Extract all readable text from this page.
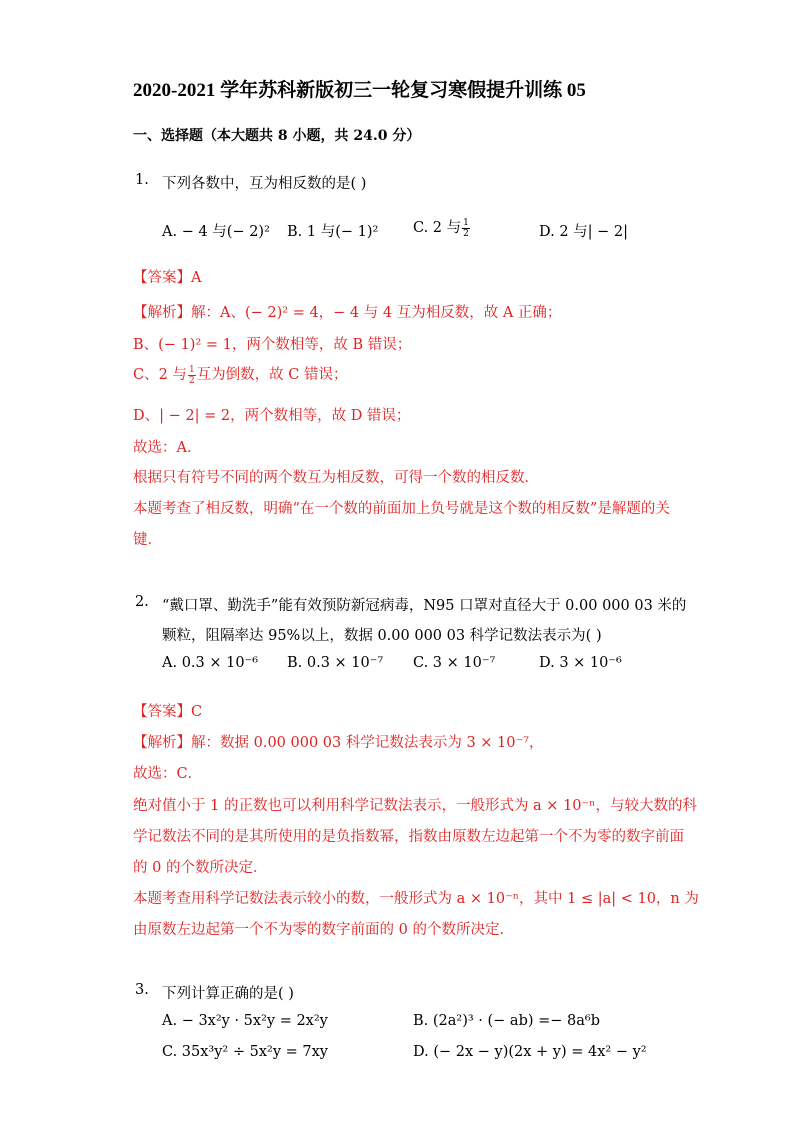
2020-2021 学年苏科新版初三一轮复习寒假提升训练 05
一、选择题（本大题共 8 小题，共 24.0 分）
1. 下列各数中，互为相反数的是( )
A. − 4 与(− 2)² B. 1 与(− 1)² C. 2 与 $\frac{1}{2}$	D. 2 与| − 2|
【答案】A
【解析】解：A、(− 2)² = 4，− 4 与 4 互为相反数，故 A 正确；
B、(− 1)² = 1，两个数相等，故 B 错误；
C、2 与 $\frac{1}{2}$ 互为倒数，故 C 错误；
D、| − 2| = 2，两个数相等，故 D 错误；
故选：A．
根据只有符号不同的两个数互为相反数，可得一个数的相反数．
本题考查了相反数，明确“在一个数的前面加上负号就是这个数的相反数”是解题的关
键．
2. “戴口罩、勤洗手”能有效预防新冠病毒，N95 口罩对直径大于 0.00 000 03 米的
颗粒，阻隔率达 95%以上，数据 0.00 000 03 科学记数法表示为( )
A. 0.3 × 10⁻⁶ B. 0.3 × 10⁻⁷ C. 3 × 10⁻⁷	D. 3 × 10⁻⁶
【答案】C
【解析】解：数据 0.00 000 03 科学记数法表示为 3 × 10⁻⁷，
故选：C．
绝对值小于 1 的正数也可以利用科学记数法表示，一般形式为 a × 10⁻ⁿ，与较大数的科
学记数法不同的是其所使用的是负指数幂，指数由原数左边起第一个不为零的数字前面
的 0 的个数所决定．
本题考查用科学记数法表示较小的数，一般形式为 a × 10⁻ⁿ，其中 1 ≤ |a| < 10，n 为
由原数左边起第一个不为零的数字前面的 0 的个数所决定．
3. 下列计算正确的是( )
A. − 3x²y · 5x²y = 2x²y	B. (2a²)³ · (− ab) =− 8a⁶b
C. 35x³y² ÷ 5x²y = 7xy	D. (− 2x − y)(2x + y) = 4x² − y²
